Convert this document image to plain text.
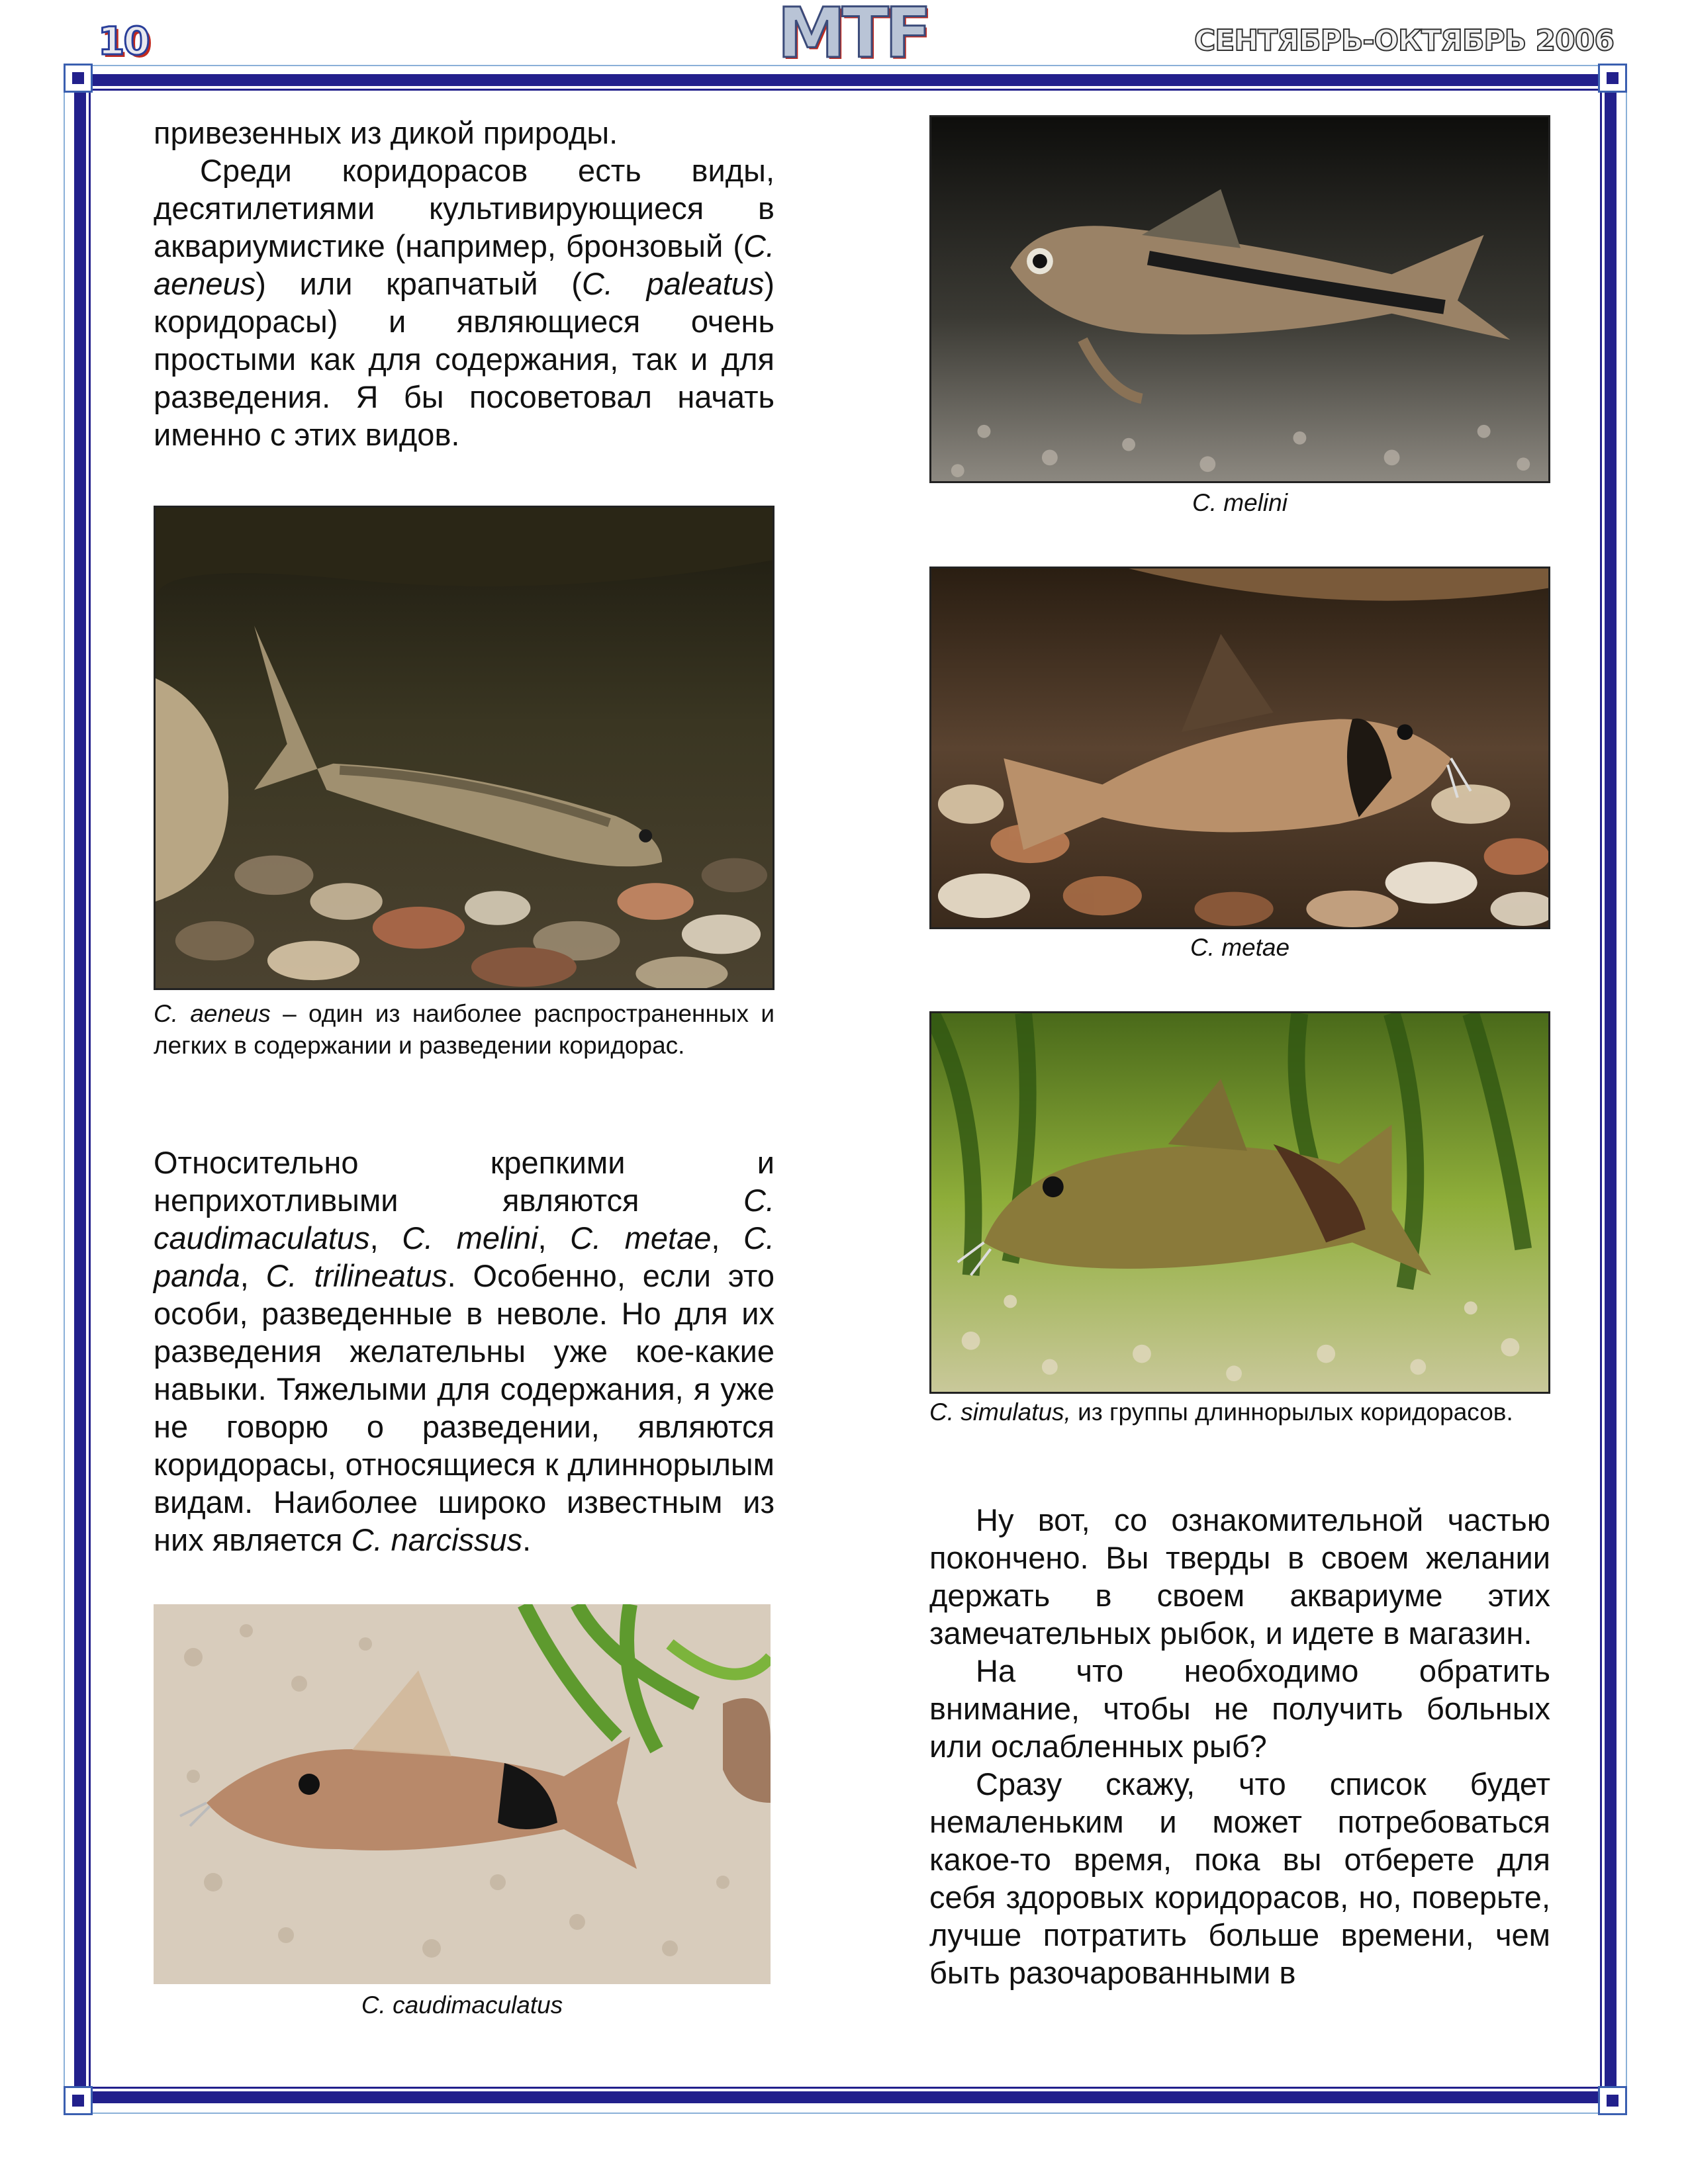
10	МТF	СЕНТЯБРЬ-ОКТЯБРЬ 2006

привезенных из дикой природы.

Среди коридорасов есть виды, десятилетиями культивирующиеся в аквариумистике (например, бронзовый (C. aeneus) или крапчатый (C. paleatus) коридорасы) и являющиеся очень простыми как для содержания, так и для разведения. Я бы посоветовал начать именно с этих видов.

C. aeneus – один из наиболее распространенных и легких в содержании и разведении коридорас.

Относительно крепкими и неприхотливыми являются C. caudimaculatus, C. melini, C. metae, C. panda, C. trilineatus. Особенно, если это особи, разведенные в неволе. Но для их разведения желательны уже кое-какие навыки. Тяжелыми для содержания, я уже не говорю о разведении, являются коридорасы, относящиеся к длиннорылым видам. Наиболее широко известным из них является C. narcissus.

C. caudimaculatus
C. melini
C. metae
C. simulatus, из группы длиннорылых коридорасов.

Ну вот, со ознакомительной частью покончено. Вы тверды в своем желании держать в своем аквариуме этих замечательных рыбок, и идете в магазин.

На что необходимо обратить внимание, чтобы не получить больных или ослабленных рыб?

Сразу скажу, что список будет немаленьким и может потребоваться какое-то время, пока вы отберете для себя здоровых коридорасов, но, поверьте, лучше потратить больше времени, чем быть разочарованными в
